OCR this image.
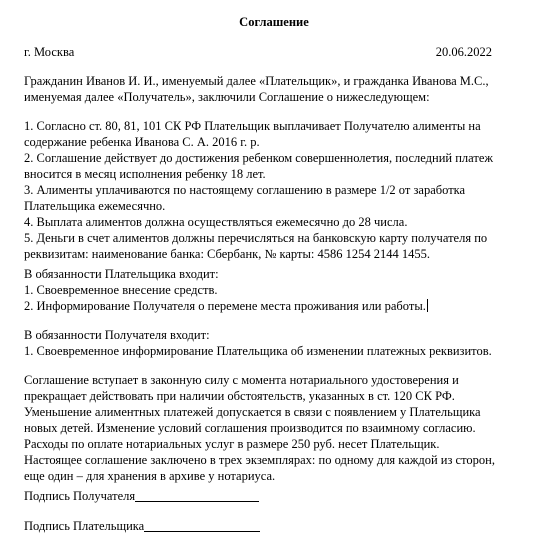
Соглашение
г. Москва	20.06.2022
Гражданин Иванов И. И., именуемый далее «Плательщик», и гражданка Иванова М.С.,
именуемая далее «Получатель», заключили Соглашение о нижеследующем:
1. Согласно ст. 80, 81, 101 СК РФ Плательщик выплачивает Получателю алименты на
содержание ребенка Иванова С. А. 2016 г. р.
2. Соглашение действует до достижения ребенком совершеннолетия, последний платеж
вносится в месяц исполнения ребенку 18 лет.
3. Алименты уплачиваются по настоящему соглашению в размере 1/2 от заработка
Плательщика ежемесячно.
4. Выплата алиментов должна осуществляться ежемесячно до 28 числа.
5. Деньги в счет алиментов должны перечисляться на банковскую карту получателя по
реквизитам: наименование банка: Сбербанк, № карты: 4586 1254 2144 1455.
В обязанности Плательщика входит:
1. Своевременное внесение средств.
2. Информирование Получателя о перемене места проживания или работы.
В обязанности Получателя входит:
1. Своевременное информирование Плательщика об изменении платежных реквизитов.
Соглашение вступает в законную силу с момента нотариального удостоверения и
прекращает действовать при наличии обстоятельств, указанных в ст. 120 СК РФ.
Уменьшение алиментных платежей допускается в связи с появлением у Плательщика
новых детей. Изменение условий соглашения производится по взаимному согласию.
Расходы по оплате нотариальных услуг в размере 250 руб. несет Плательщик.
Настоящее соглашение заключено в трех экземплярах: по одному для каждой из сторон,
еще один – для хранения в архиве у нотариуса.
Подпись Получателя
Подпись Плательщика
